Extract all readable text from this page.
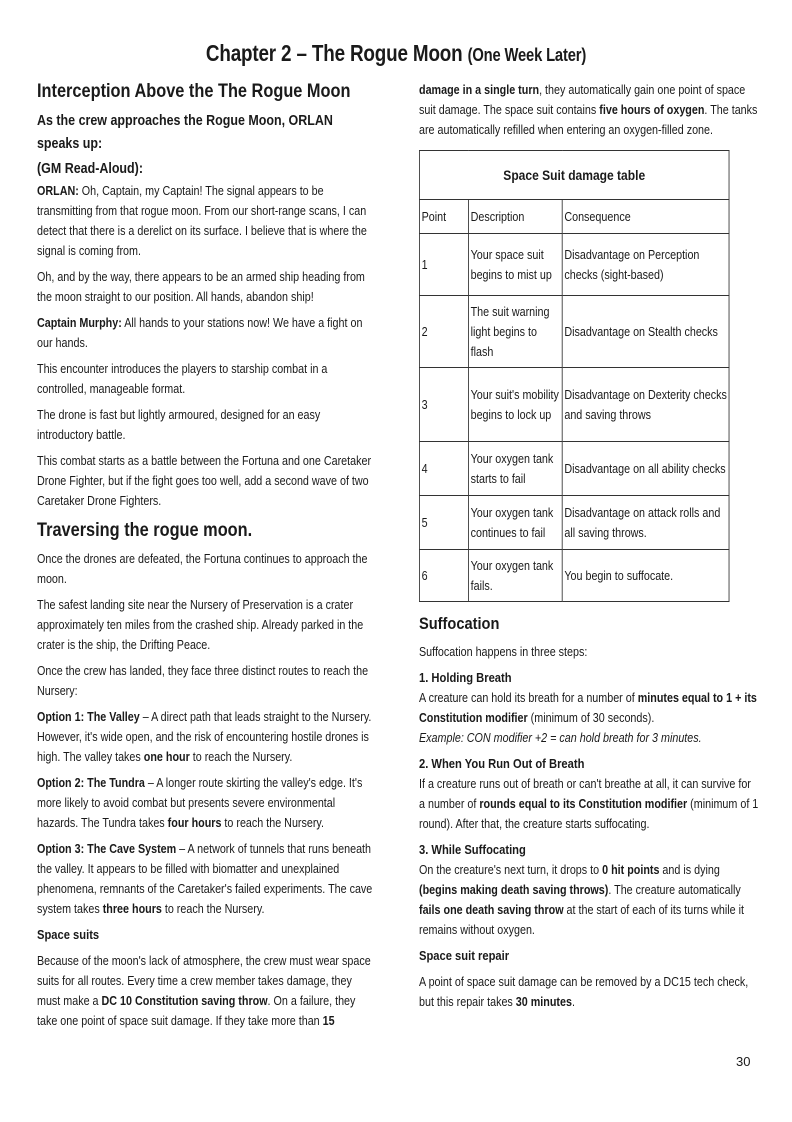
Chapter 2 – The Rogue Moon (One Week Later)
Interception Above the The Rogue Moon
As the crew approaches the Rogue Moon, ORLAN speaks up:
(GM Read-Aloud):

ORLAN: Oh, Captain, my Captain! The signal appears to be transmitting from that rogue moon. From our short-range scans, I can detect that there is a derelict on its surface. I believe that is where the signal is coming from.

Oh, and by the way, there appears to be an armed ship heading from the moon straight to our position. All hands, abandon ship!

Captain Murphy: All hands to your stations now! We have a fight on our hands.

This encounter introduces the players to starship combat in a controlled, manageable format.

The drone is fast but lightly armoured, designed for an easy introductory battle.

This combat starts as a battle between the Fortuna and one Caretaker Drone Fighter, but if the fight goes too well, add a second wave of two Caretaker Drone Fighters.

Traversing the rogue moon.

Once the drones are defeated, the Fortuna continues to approach the moon.

The safest landing site near the Nursery of Preservation is a crater approximately ten miles from the crashed ship. Already parked in the crater is the ship, the Drifting Peace.

Once the crew has landed, they face three distinct routes to reach the Nursery:

Option 1: The Valley – A direct path that leads straight to the Nursery. However, it's wide open, and the risk of encountering hostile drones is high. The valley takes one hour to reach the Nursery.

Option 2: The Tundra – A longer route skirting the valley's edge. It's more likely to avoid combat but presents severe environmental hazards. The Tundra takes four hours to reach the Nursery.

Option 3: The Cave System – A network of tunnels that runs beneath the valley. It appears to be filled with biomatter and unexplained phenomena, remnants of the Caretaker's failed experiments. The cave system takes three hours to reach the Nursery.

Space suits

Because of the moon's lack of atmosphere, the crew must wear space suits for all routes. Every time a crew member takes damage, they must make a DC 10 Constitution saving throw. On a failure, they take one point of space suit damage. If they take more than 15

damage in a single turn, they automatically gain one point of space suit damage. The space suit contains five hours of oxygen. The tanks are automatically refilled when entering an oxygen-filled zone.

Space Suit damage table		
Point	Description	Consequence
1	Your space suit begins to mist up	Disadvantage on Perception checks (sight-based)
2	The suit warning light begins to flash	Disadvantage on Stealth checks
3	Your suit's mobility begins to lock up	Disadvantage on Dexterity checks and saving throws
4	Your oxygen tank starts to fail	Disadvantage on all ability checks
5	Your oxygen tank continues to fail	Disadvantage on attack rolls and all saving throws.
6	Your oxygen tank fails.	You begin to suffocate.
Suffocation

Suffocation happens in three steps:

1. Holding Breath

A creature can hold its breath for a number of minutes equal to 1 + its Constitution modifier (minimum of 30 seconds).
Example: CON modifier +2 = can hold breath for 3 minutes.

2. When You Run Out of Breath

If a creature runs out of breath or can't breathe at all, it can survive for a number of rounds equal to its Constitution modifier (minimum of 1 round). After that, the creature starts suffocating.

3. While Suffocating

On the creature's next turn, it drops to 0 hit points and is dying (begins making death saving throws). The creature automatically fails one death saving throw at the start of each of its turns while it remains without oxygen.

Space suit repair

A point of space suit damage can be removed by a DC15 tech check, but this repair takes 30 minutes.

30
